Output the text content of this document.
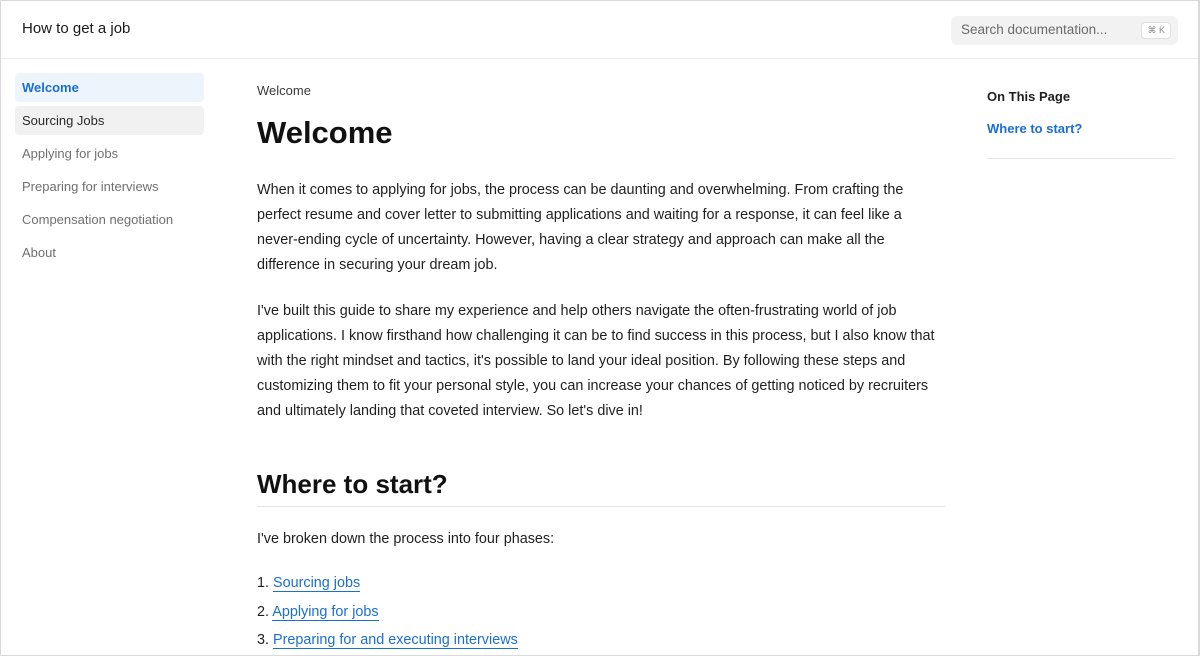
How to get a job	Search documentation...	⌘ K
Welcome
Sourcing Jobs
Applying for jobs
Preparing for interviews
Compensation negotiation
About
Welcome
Welcome

When it comes to applying for jobs, the process can be daunting and overwhelming. From crafting the perfect resume and cover letter to submitting applications and waiting for a response, it can feel like a never-ending cycle of uncertainty. However, having a clear strategy and approach can make all the difference in securing your dream job.

I've built this guide to share my experience and help others navigate the often-frustrating world of job applications. I know firsthand how challenging it can be to find success in this process, but I also know that with the right mindset and tactics, it's possible to land your ideal position. By following these steps and customizing them to fit your personal style, you can increase your chances of getting noticed by recruiters and ultimately landing that coveted interview. So let's dive in!

Where to start?

I've broken down the process into four phases:

1. Sourcing jobs
2. Applying for jobs
3. Preparing for and executing interviews
On This Page
Where to start?
